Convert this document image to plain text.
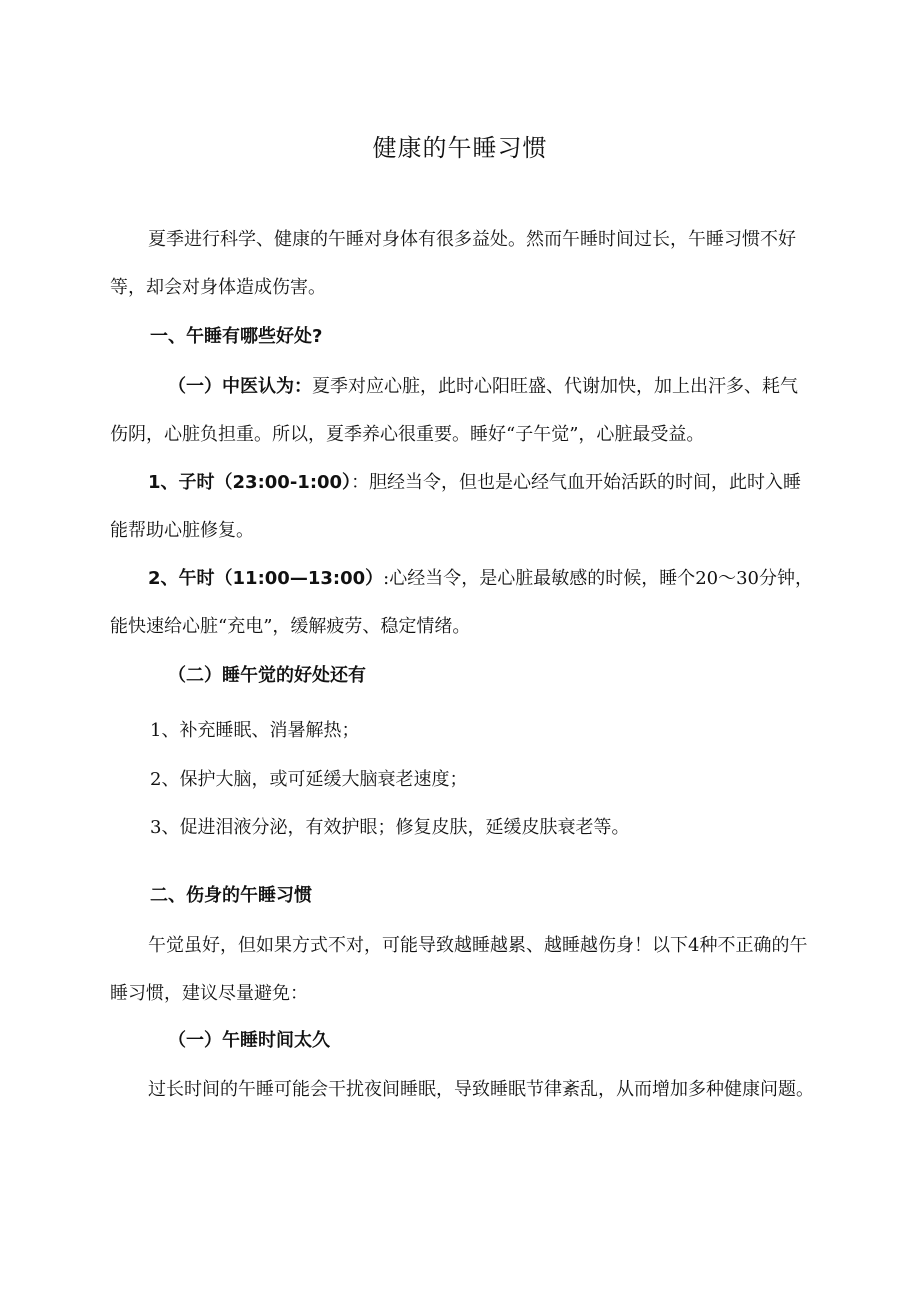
健康的午睡习惯

夏季进行科学、健康的午睡对身体有很多益处。然而午睡时间过长，午睡习惯不好等，却会对身体造成伤害。

一、午睡有哪些好处?

（一）中医认为：夏季对应心脏，此时心阳旺盛、代谢加快，加上出汗多、耗气伤阴，心脏负担重。所以，夏季养心很重要。睡好“子午觉”，心脏最受益。

1、子时（23:00-1:00）：胆经当令，但也是心经气血开始活跃的时间，此时入睡能帮助心脏修复。

2、午时（11:00—13:00）:心经当令，是心脏最敏感的时候，睡个20〜30分钟，能快速给心脏“充电”，缓解疲劳、稳定情绪。

（二）睡午觉的好处还有
1、补充睡眠、消暑解热；
2、保护大脑，或可延缓大脑衰老速度；
3、促进泪液分泌，有效护眼；修复皮肤，延缓皮肤衰老等。
二、伤身的午睡习惯

午觉虽好，但如果方式不对，可能导致越睡越累、越睡越伤身！以下4种不正确的午睡习惯，建议尽量避免：

（一）午睡时间太久

过长时间的午睡可能会干扰夜间睡眠，导致睡眠节律紊乱，从而增加多种健康问题。
